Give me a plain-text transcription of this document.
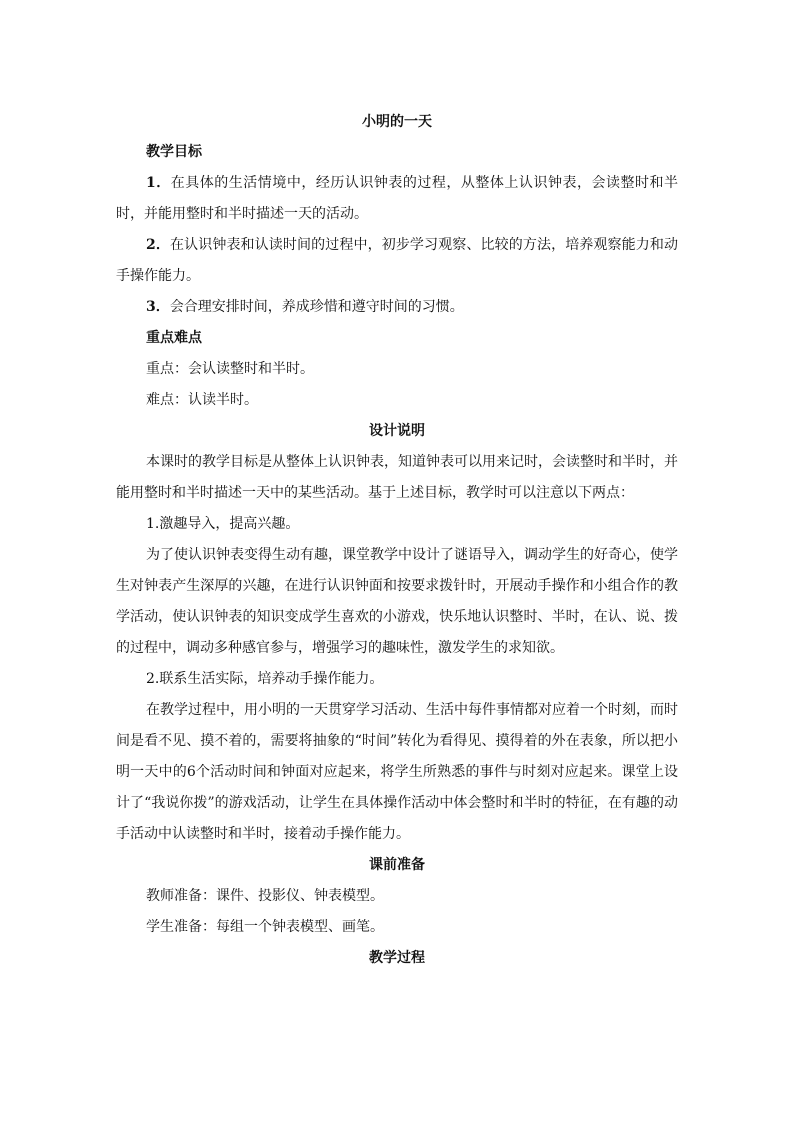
小明的一天
教学目标

1．在具体的生活情境中，经历认识钟表的过程，从整体上认识钟表，会读整时和半时，并能用整时和半时描述一天的活动。

2．在认识钟表和认读时间的过程中，初步学习观察、比较的方法，培养观察能力和动手操作能力。

3．会合理安排时间，养成珍惜和遵守时间的习惯。

重点难点
重点：会认读整时和半时。
难点：认读半时。
设计说明

本课时的教学目标是从整体上认识钟表，知道钟表可以用来记时，会读整时和半时，并能用整时和半时描述一天中的某些活动。基于上述目标，教学时可以注意以下两点：

1.激趣导入，提高兴趣。

为了使认识钟表变得生动有趣，课堂教学中设计了谜语导入，调动学生的好奇心，使学生对钟表产生深厚的兴趣，在进行认识钟面和按要求拨针时，开展动手操作和小组合作的教学活动，使认识钟表的知识变成学生喜欢的小游戏，快乐地认识整时、半时，在认、说、拨的过程中，调动多种感官参与，增强学习的趣味性，激发学生的求知欲。

2.联系生活实际，培养动手操作能力。

在教学过程中，用小明的一天贯穿学习活动、生活中每件事情都对应着一个时刻，而时间是看不见、摸不着的，需要将抽象的“时间”转化为看得见、摸得着的外在表象，所以把小明一天中的6个活动时间和钟面对应起来，将学生所熟悉的事件与时刻对应起来。课堂上设计了“我说你拨”的游戏活动，让学生在具体操作活动中体会整时和半时的特征，在有趣的动手活动中认读整时和半时，接着动手操作能力。

课前准备
教师准备：课件、投影仪、钟表模型。
学生准备：每组一个钟表模型、画笔。
教学过程
